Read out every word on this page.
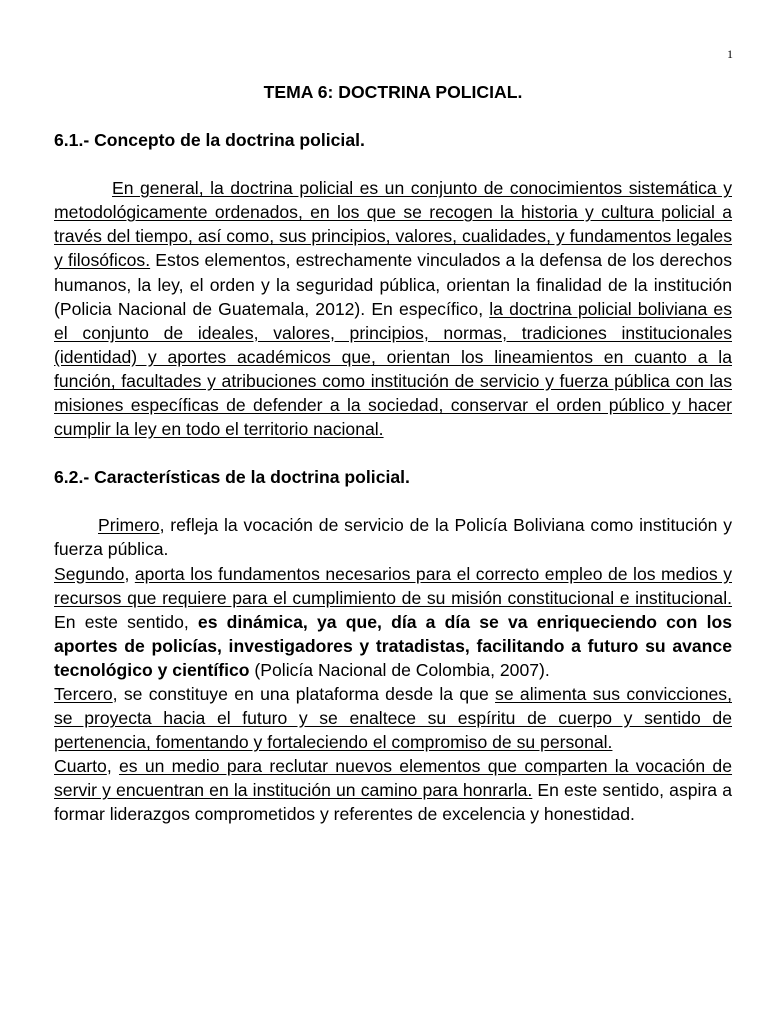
1
TEMA 6: DOCTRINA POLICIAL.
6.1.- Concepto de la doctrina policial.

En general, la doctrina policial es un conjunto de conocimientos sistemática y metodológicamente ordenados, en los que se recogen la historia y cultura policial a través del tiempo, así como, sus principios, valores, cualidades, y fundamentos legales y filosóficos. Estos elementos, estrechamente vinculados a la defensa de los derechos humanos, la ley, el orden y la seguridad pública, orientan la finalidad de la institución (Policia Nacional de Guatemala, 2012). En específico, la doctrina policial boliviana es el conjunto de ideales, valores, principios, normas, tradiciones institucionales (identidad) y aportes académicos que, orientan los lineamientos en cuanto a la función, facultades y atribuciones como institución de servicio y fuerza pública con las misiones específicas de defender a la sociedad, conservar el orden público y hacer cumplir la ley en todo el territorio nacional.

6.2.- Características de la doctrina policial.

Primero, refleja la vocación de servicio de la Policía Boliviana como institución y fuerza pública.

Segundo, aporta los fundamentos necesarios para el correcto empleo de los medios y recursos que requiere para el cumplimiento de su misión constitucional e institucional. En este sentido, es dinámica, ya que, día a día se va enriqueciendo con los aportes de policías, investigadores y tratadistas, facilitando a futuro su avance tecnológico y científico (Policía Nacional de Colombia, 2007).

Tercero, se constituye en una plataforma desde la que se alimenta sus convicciones, se proyecta hacia el futuro y se enaltece su espíritu de cuerpo y sentido de pertenencia, fomentando y fortaleciendo el compromiso de su personal.

Cuarto, es un medio para reclutar nuevos elementos que comparten la vocación de servir y encuentran en la institución un camino para honrarla. En este sentido, aspira a formar liderazgos comprometidos y referentes de excelencia y honestidad.
